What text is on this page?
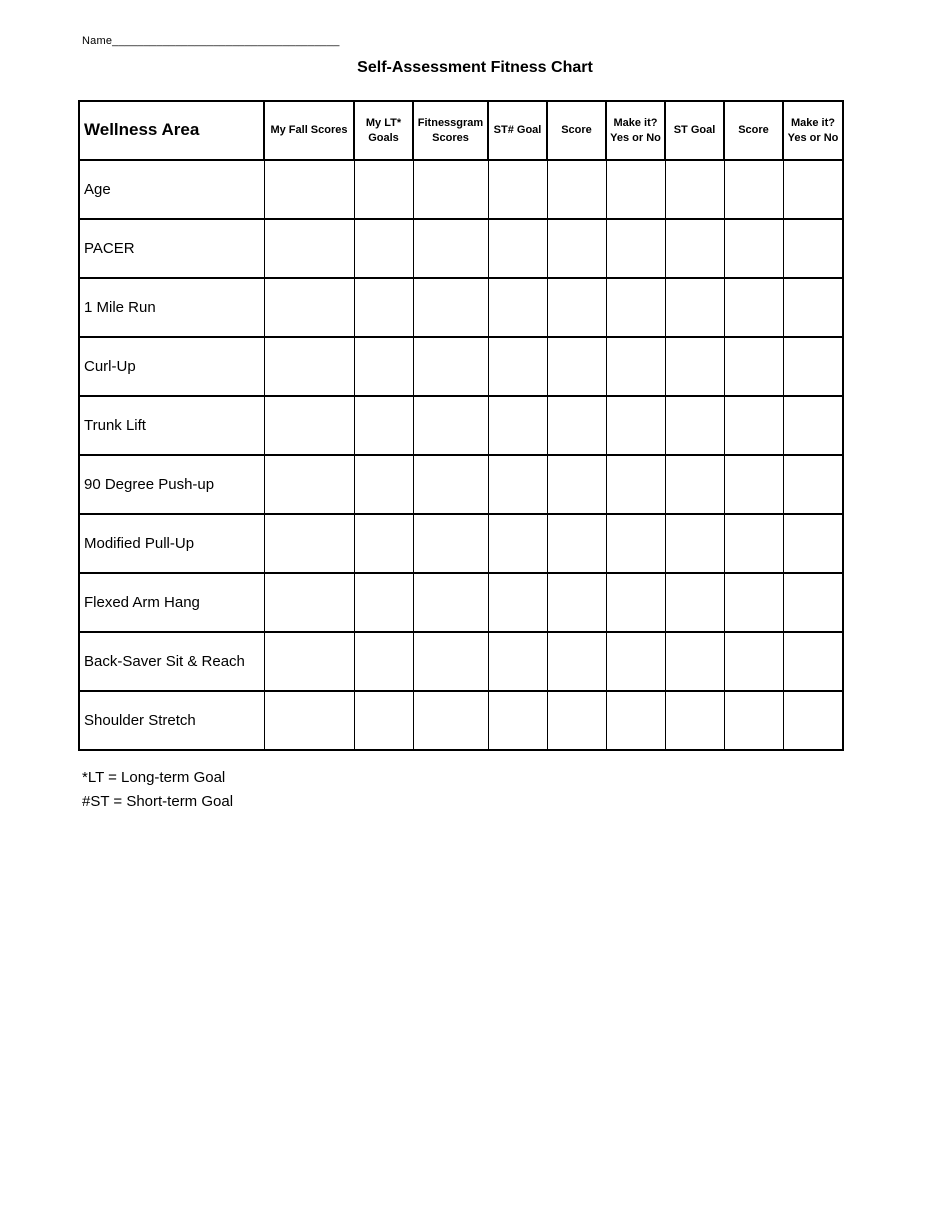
Name____________________________________
Self-Assessment Fitness Chart
Wellness Area	My Fall Scores	My LT* Goals	Fitnessgram Scores	ST# Goal	Score	Make it? Yes or No	ST Goal	Score	Make it? Yes or No
Age									
PACER									
1 Mile Run									
Curl-Up									
Trunk Lift									
90 Degree Push-up									
Modified Pull-Up									
Flexed Arm Hang									
Back-Saver Sit & Reach									
Shoulder Stretch									
*LT = Long-term Goal
#ST = Short-term Goal
